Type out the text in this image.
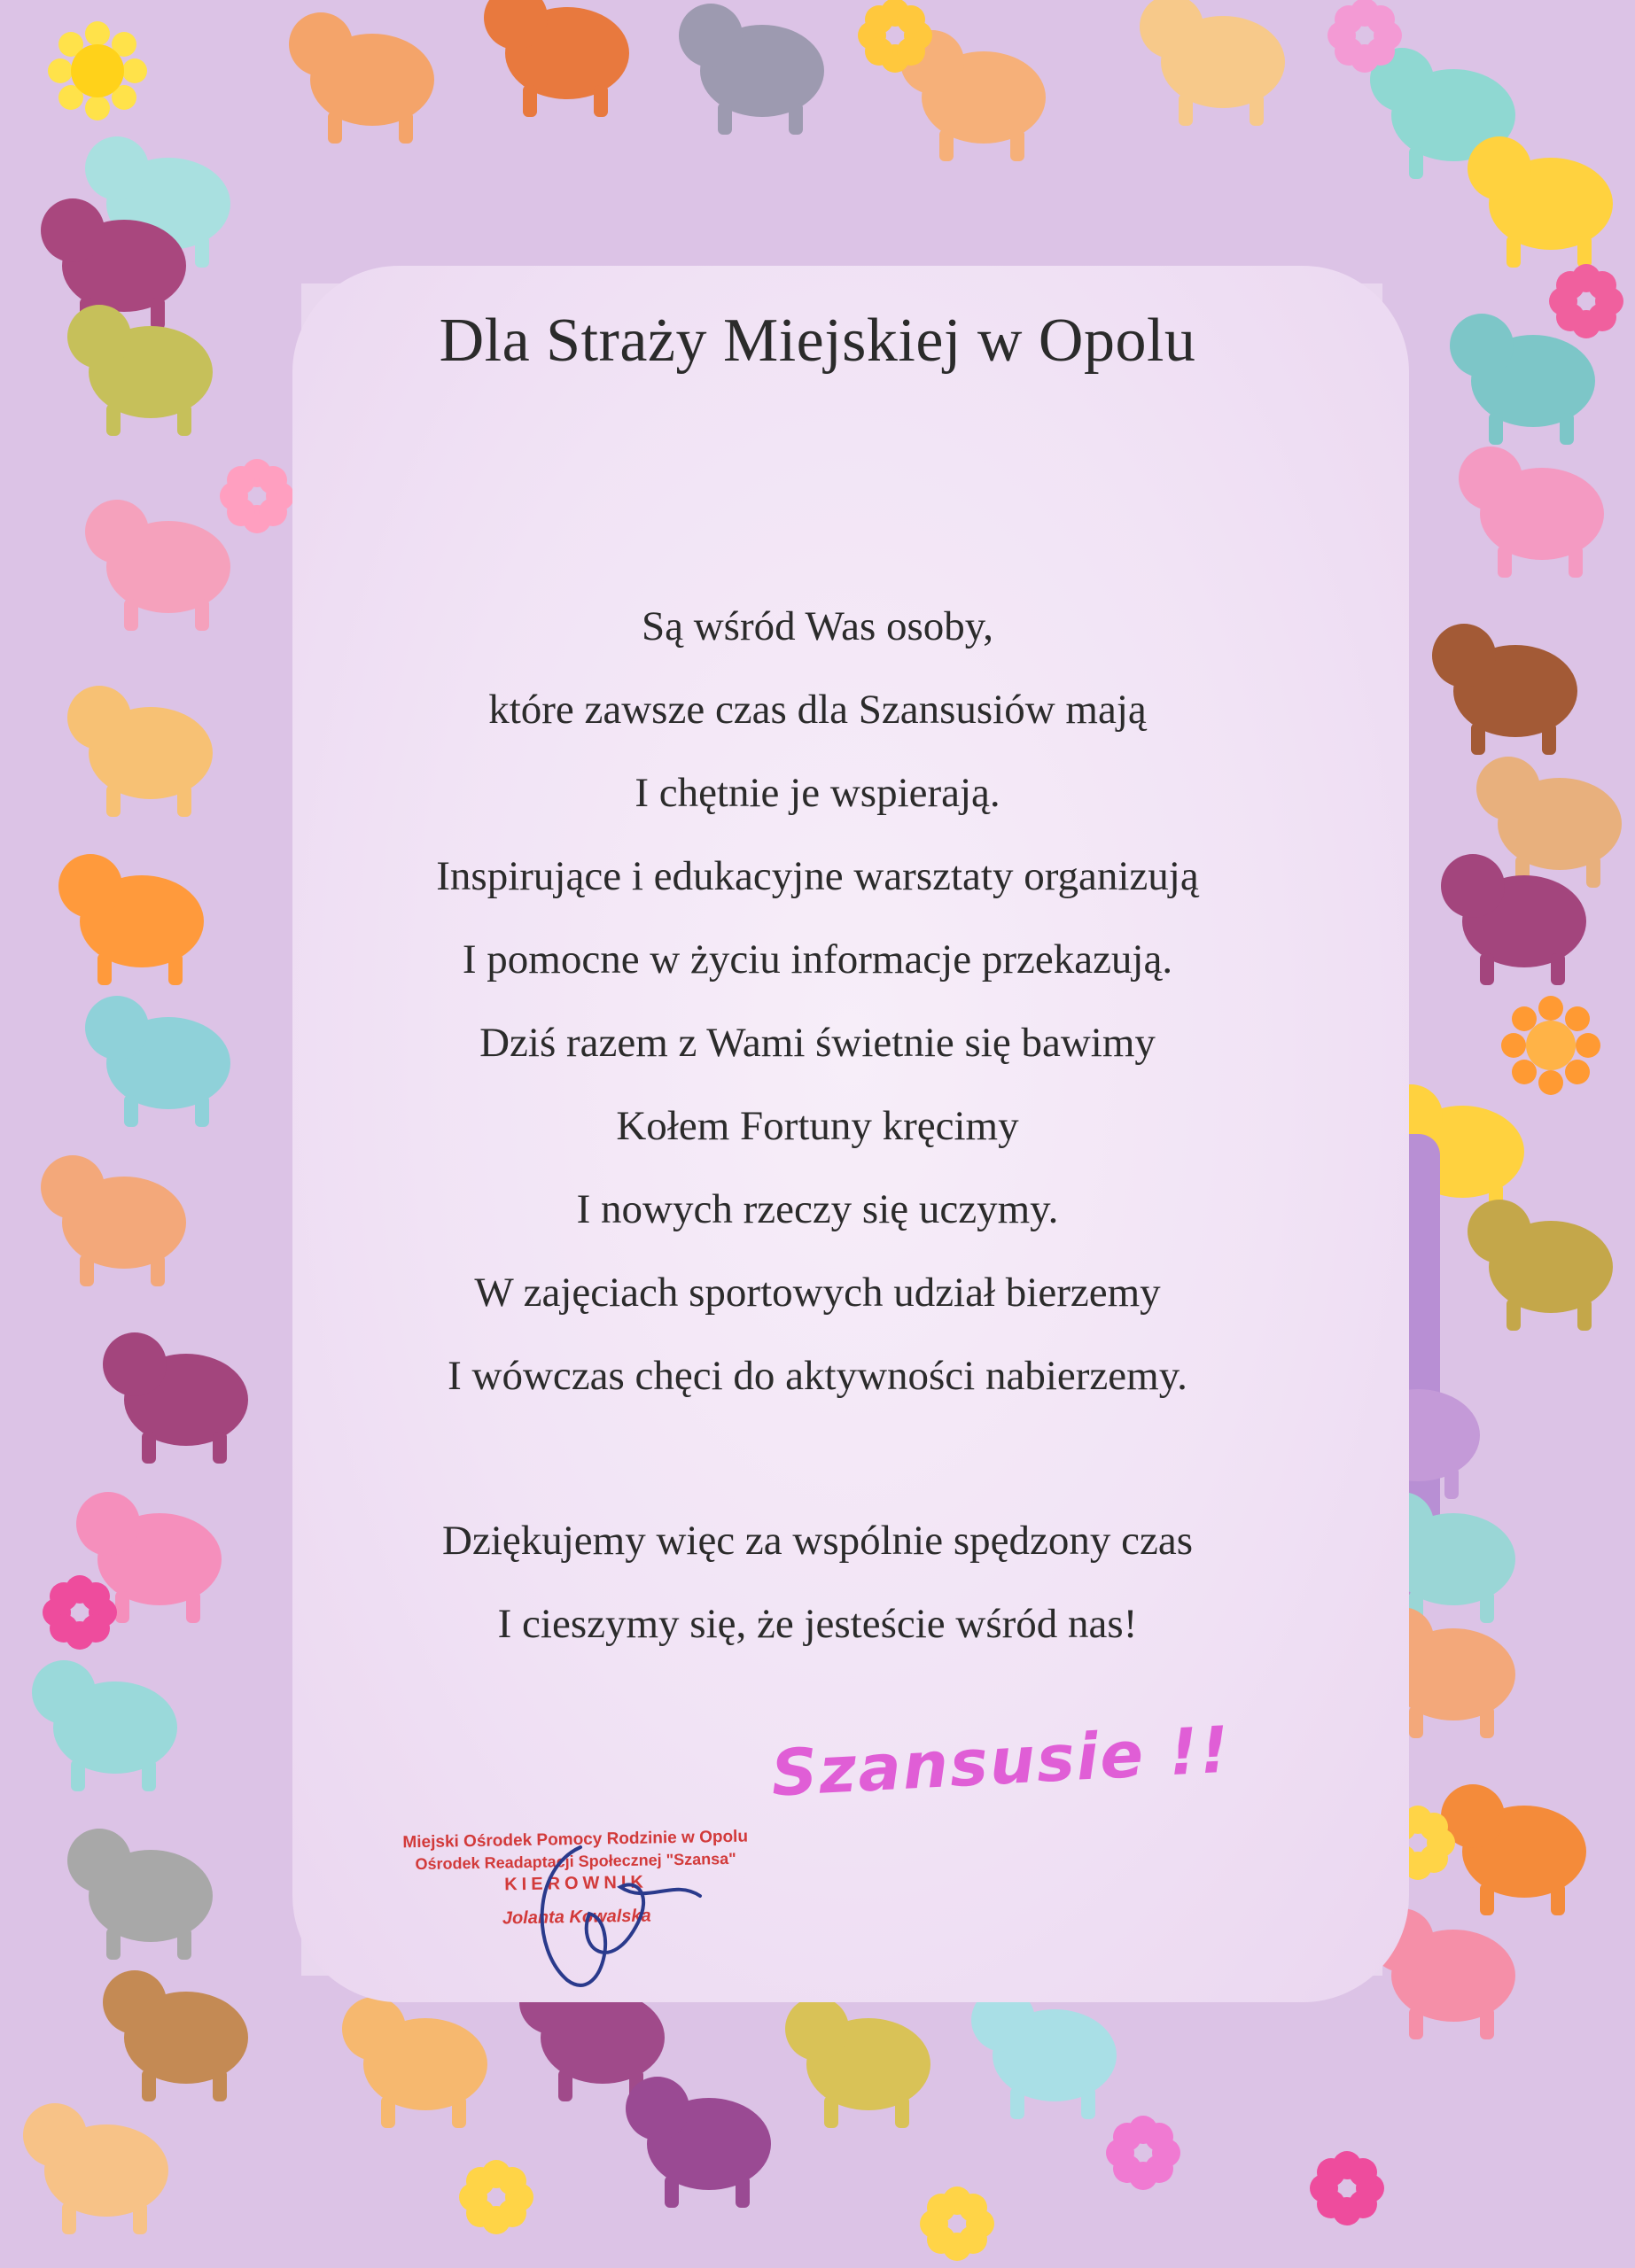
Dla Straży Miejskiej w Opolu
Są wśród Was osoby,
które zawsze czas dla Szansusiów mają
I chętnie je wspierają.
Inspirujące i edukacyjne warsztaty organizują
I pomocne w życiu informacje przekazują.
Dziś razem z Wami świetnie się bawimy
Kołem Fortuny kręcimy
I nowych rzeczy się uczymy.
W zajęciach sportowych udział bierzemy
I wówczas chęci do aktywności nabierzemy.
Dziękujemy więc za wspólnie spędzony czas
I cieszymy się, że jesteście wśród nas!
Szansusie !!
Miejski Ośrodek Pomocy Rodzinie w Opolu
Ośrodek Readaptacji Społecznej "Szansa"
KIEROWNIK
Jolanta Kowalska
